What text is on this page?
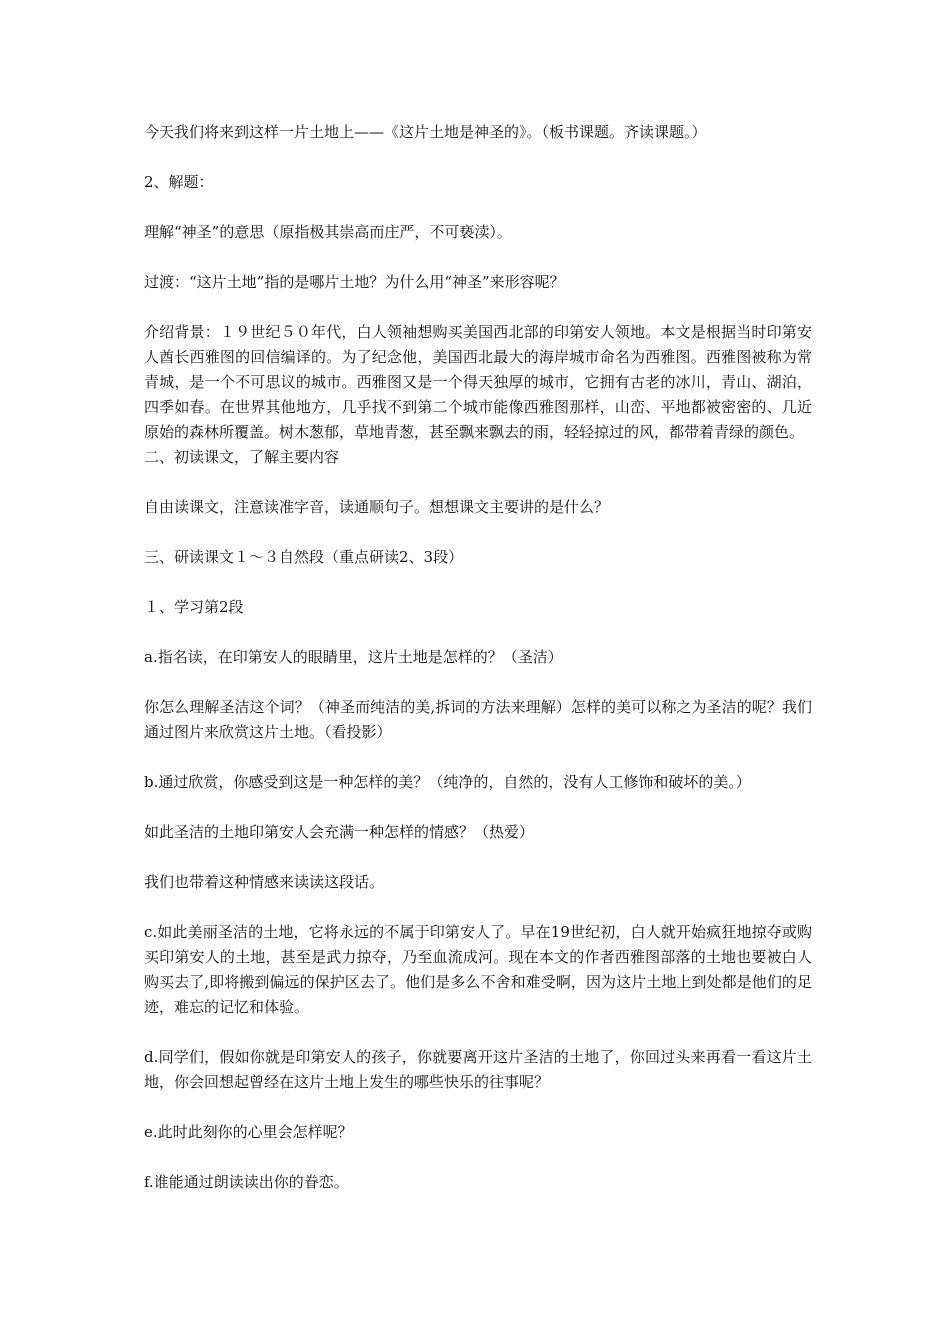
今天我们将来到这样一片土地上——《这片土地是神圣的》。（板书课题。齐读课题。）

2、解题：

理解“神圣”的意思（原指极其崇高而庄严，不可亵渎）。

过渡：“这片土地”指的是哪片土地？为什么用“神圣”来形容呢？

介绍背景：１９世纪５０年代，白人领袖想购买美国西北部的印第安人领地。本文是根据当时印第安人酋长西雅图的回信编译的。为了纪念他，美国西北最大的海岸城市命名为西雅图。西雅图被称为常青城，是一个不可思议的城市。西雅图又是一个得天独厚的城市，它拥有古老的冰川，青山、湖泊，四季如春。在世界其他地方，几乎找不到第二个城市能像西雅图那样，山峦、平地都被密密的、几近原始的森林所覆盖。树木葱郁，草地青葱，甚至飘来飘去的雨，轻轻掠过的风，都带着青绿的颜色。

二、初读课文，了解主要内容

自由读课文，注意读准字音，读通顺句子。想想课文主要讲的是什么？

三、研读课文１～３自然段（重点研读2、3段）

１、学习第2段

a.指名读，在印第安人的眼睛里，这片土地是怎样的？（圣洁）

你怎么理解圣洁这个词？（神圣而纯洁的美,拆词的方法来理解）怎样的美可以称之为圣洁的呢？我们通过图片来欣赏这片土地。（看投影）

b.通过欣赏，你感受到这是一种怎样的美？（纯净的，自然的，没有人工修饰和破坏的美。）

如此圣洁的土地印第安人会充满一种怎样的情感？（热爱）

我们也带着这种情感来读读这段话。

c.如此美丽圣洁的土地，它将永远的不属于印第安人了。早在19世纪初，白人就开始疯狂地掠夺或购买印第安人的土地，甚至是武力掠夺，乃至血流成河。现在本文的作者西雅图部落的土地也要被白人购买去了,即将搬到偏远的保护区去了。他们是多么不舍和难受啊，因为这片土地上到处都是他们的足迹，难忘的记忆和体验。

d.同学们，假如你就是印第安人的孩子，你就要离开这片圣洁的土地了，你回过头来再看一看这片土地，你会回想起曾经在这片土地上发生的哪些快乐的往事呢？

e.此时此刻你的心里会怎样呢？

f.谁能通过朗读读出你的眷恋。
